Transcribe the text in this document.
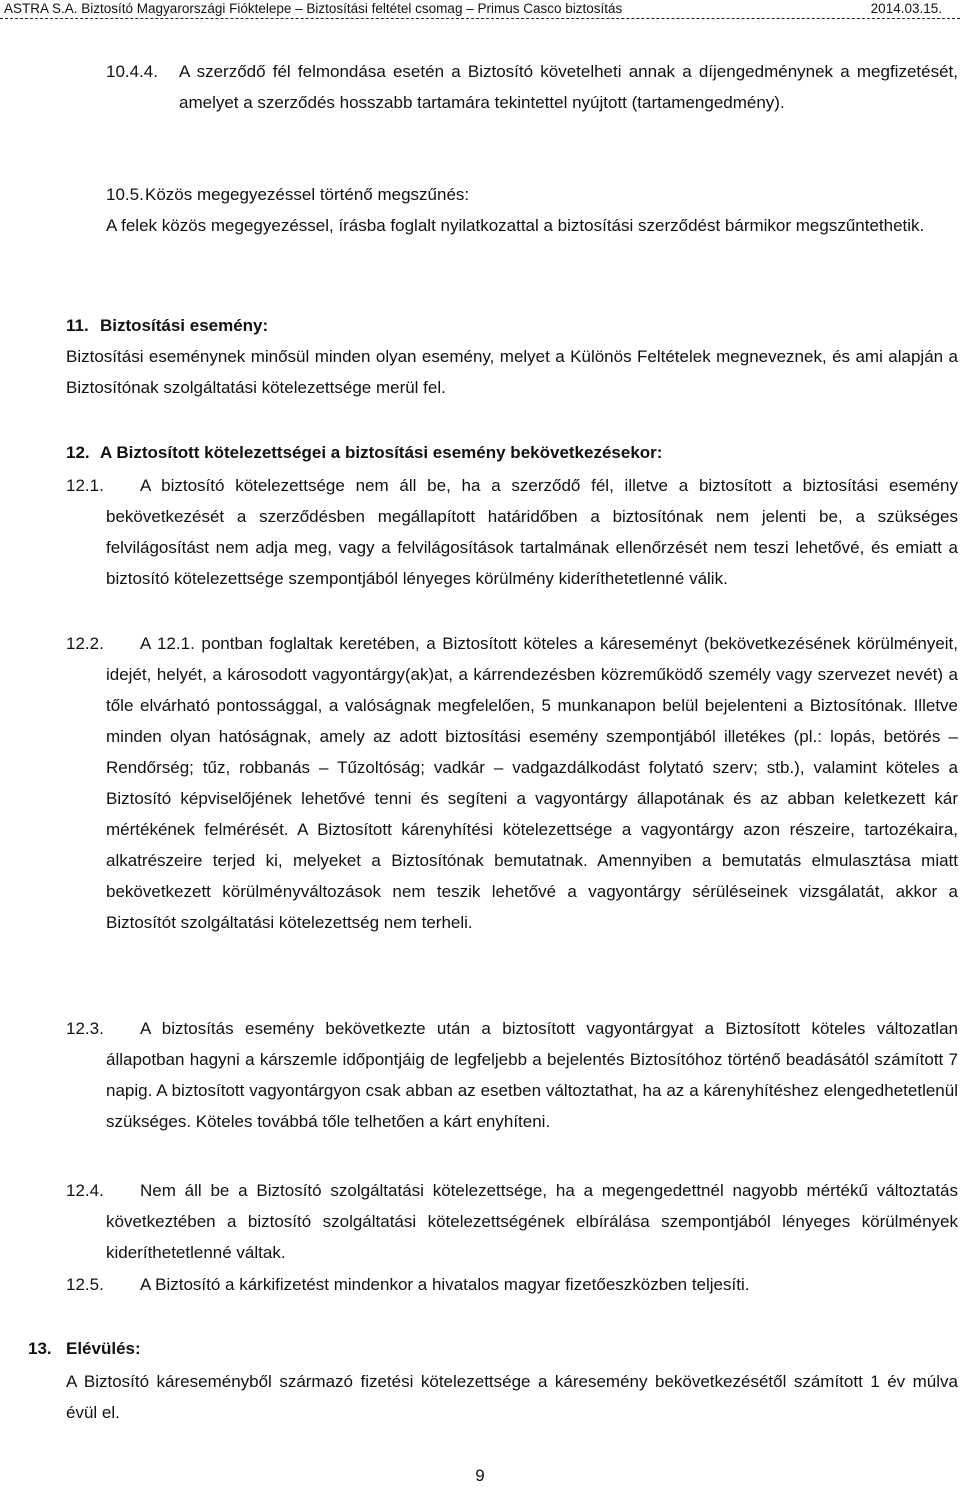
ASTRA S.A. Biztosító Magyarországi Fióktelepe – Biztosítási feltétel csomag – Primus Casco biztosítás	2014.03.15.
10.4.4. A szerződő fél felmondása esetén a Biztosító követelheti annak a díjengedménynek a megfizetését, amelyet a szerződés hosszabb tartamára tekintettel nyújtott (tartamengedmény).

10.5. Közös megegyezéssel történő megszűnés:

A felek közös megegyezéssel, írásba foglalt nyilatkozattal a biztosítási szerződést bármikor megszűntethetik.

11. Biztosítási esemény:

Biztosítási eseménynek minősül minden olyan esemény, melyet a Különös Feltételek megneveznek, és ami alapján a Biztosítónak szolgáltatási kötelezettsége merül fel.

12. A Biztosított kötelezettségei a biztosítási esemény bekövetkezésekor:

12.1.	A biztosító kötelezettsége nem áll be, ha a szerződő fél, illetve a biztosított a biztosítási esemény bekövetkezését a szerződésben megállapított határidőben a biztosítónak nem jelenti be, a szükséges felvilágosítást nem adja meg, vagy a felvilágosítások tartalmának ellenőrzését nem teszi lehetővé, és emiatt a biztosító kötelezettsége szempontjából lényeges körülmény kideríthetetlenné válik.

12.2.	A 12.1. pontban foglaltak keretében, a Biztosított köteles a káreseményt (bekövetkezésének körülményeit, idejét, helyét, a károsodott vagyontárgy(ak)at, a kárrendezésben közreműködő személy vagy szervezet nevét) a tőle elvárható pontossággal, a valóságnak megfelelően, 5 munkanapon belül bejelenteni a Biztosítónak. Illetve minden olyan hatóságnak, amely az adott biztosítási esemény szempontjából illetékes (pl.: lopás, betörés – Rendőrség; tűz, robbanás – Tűzoltóság; vadkár – vadgazdálkodást folytató szerv; stb.), valamint köteles a Biztosító képviselőjének lehetővé tenni és segíteni a vagyontárgy állapotának és az abban keletkezett kár mértékének felmérését. A Biztosított kárenyhítési kötelezettsége a vagyontárgy azon részeire, tartozékaira, alkatrészeire terjed ki, melyeket a Biztosítónak bemutatnak. Amennyiben a bemutatás elmulasztása miatt bekövetkezett körülményváltozások nem teszik lehetővé a vagyontárgy sérüléseinek vizsgálatát, akkor a Biztosítót szolgáltatási kötelezettség nem terheli.

12.3.	A biztosítás esemény bekövetkezte után a biztosított vagyontárgyat a Biztosított köteles változatlan állapotban hagyni a kárszemle időpontjáig de legfeljebb a bejelentés Biztosítóhoz történő beadásától számított 7 napig. A biztosított vagyontárgyon csak abban az esetben változtathat, ha az a kárenyhítéshez elengedhetetlenül szükséges. Köteles továbbá tőle telhetően a kárt enyhíteni.

12.4.	Nem áll be a Biztosító szolgáltatási kötelezettsége, ha a megengedettnél nagyobb mértékű változtatás következtében a biztosító szolgáltatási kötelezettségének elbírálása szempontjából lényeges körülmények kideríthetetlenné váltak.

12.5.	A Biztosító a kárkifizetést mindenkor a hivatalos magyar fizetőeszközben teljesíti.

13. Elévülés:

A Biztosító káreseményből származó fizetési kötelezettsége a káresemény bekövetkezésétől számított 1 év múlva évül el.

9
